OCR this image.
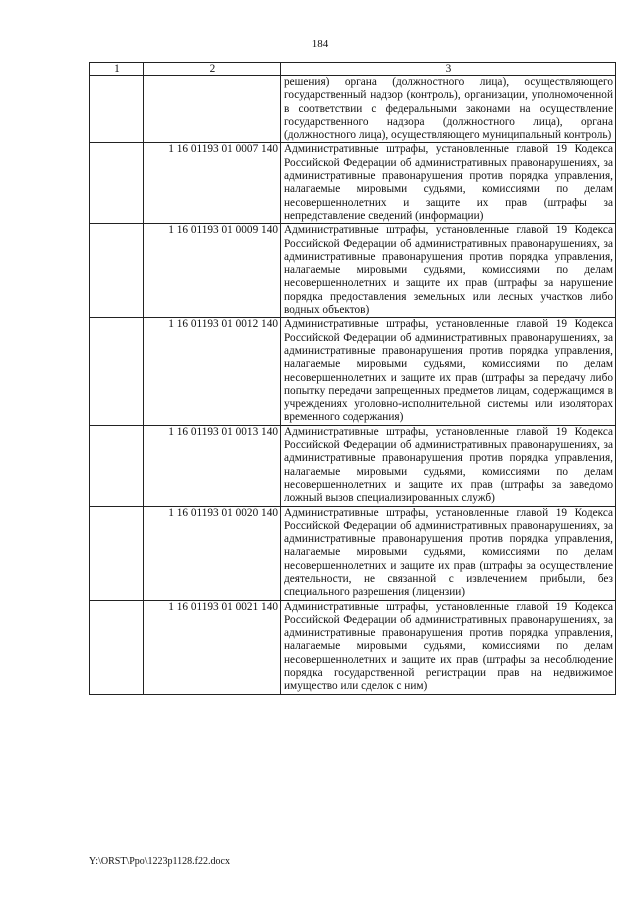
184
1	2	3
		решения) органа (должностного лица), осуществляющего государственный надзор (контроль), организации, уполномоченной в соответствии с федеральными законами на осуществление государственного надзора (должностного лица), органа (должностного лица), осуществляющего муниципальный контроль)
	1 16 01193 01 0007 140	Административные штрафы, установленные главой 19 Кодекса Российской Федерации об административных правонарушениях, за административные правонарушения против порядка управления, налагаемые мировыми судьями, комиссиями по делам несовершеннолетних и защите их прав (штрафы за непредставление сведений (информации)
	1 16 01193 01 0009 140	Административные штрафы, установленные главой 19 Кодекса Российской Федерации об административных правонарушениях, за административные правонарушения против порядка управления, налагаемые мировыми судьями, комиссиями по делам несовершеннолетних и защите их прав (штрафы за нарушение порядка предоставления земельных или лесных участков либо водных объектов)
	1 16 01193 01 0012 140	Административные штрафы, установленные главой 19 Кодекса Российской Федерации об административных правонарушениях, за административные правонарушения против порядка управления, налагаемые мировыми судьями, комиссиями по делам несовершеннолетних и защите их прав (штрафы за передачу либо попытку передачи запрещенных предметов лицам, содержащимся в учреждениях уголовно-исполнительной системы или изоляторах временного содержания)
	1 16 01193 01 0013 140	Административные штрафы, установленные главой 19 Кодекса Российской Федерации об административных правонарушениях, за административные правонарушения против порядка управления, налагаемые мировыми судьями, комиссиями по делам несовершеннолетних и защите их прав (штрафы за заведомо ложный вызов специализированных служб)
	1 16 01193 01 0020 140	Административные штрафы, установленные главой 19 Кодекса Российской Федерации об административных правонарушениях, за административные правонарушения против порядка управления, налагаемые мировыми судьями, комиссиями по делам несовершеннолетних и защите их прав (штрафы за осуществление деятельности, не связанной с извлечением прибыли, без специального разрешения (лицензии)
	1 16 01193 01 0021 140	Административные штрафы, установленные главой 19 Кодекса Российской Федерации об административных правонарушениях, за административные правонарушения против порядка управления, налагаемые мировыми судьями, комиссиями по делам несовершеннолетних и защите их прав (штрафы за несоблюдение порядка государственной регистрации прав на недвижимое имущество или сделок с ним)
Y:\ORST\Ppo\1223p1128.f22.docx
